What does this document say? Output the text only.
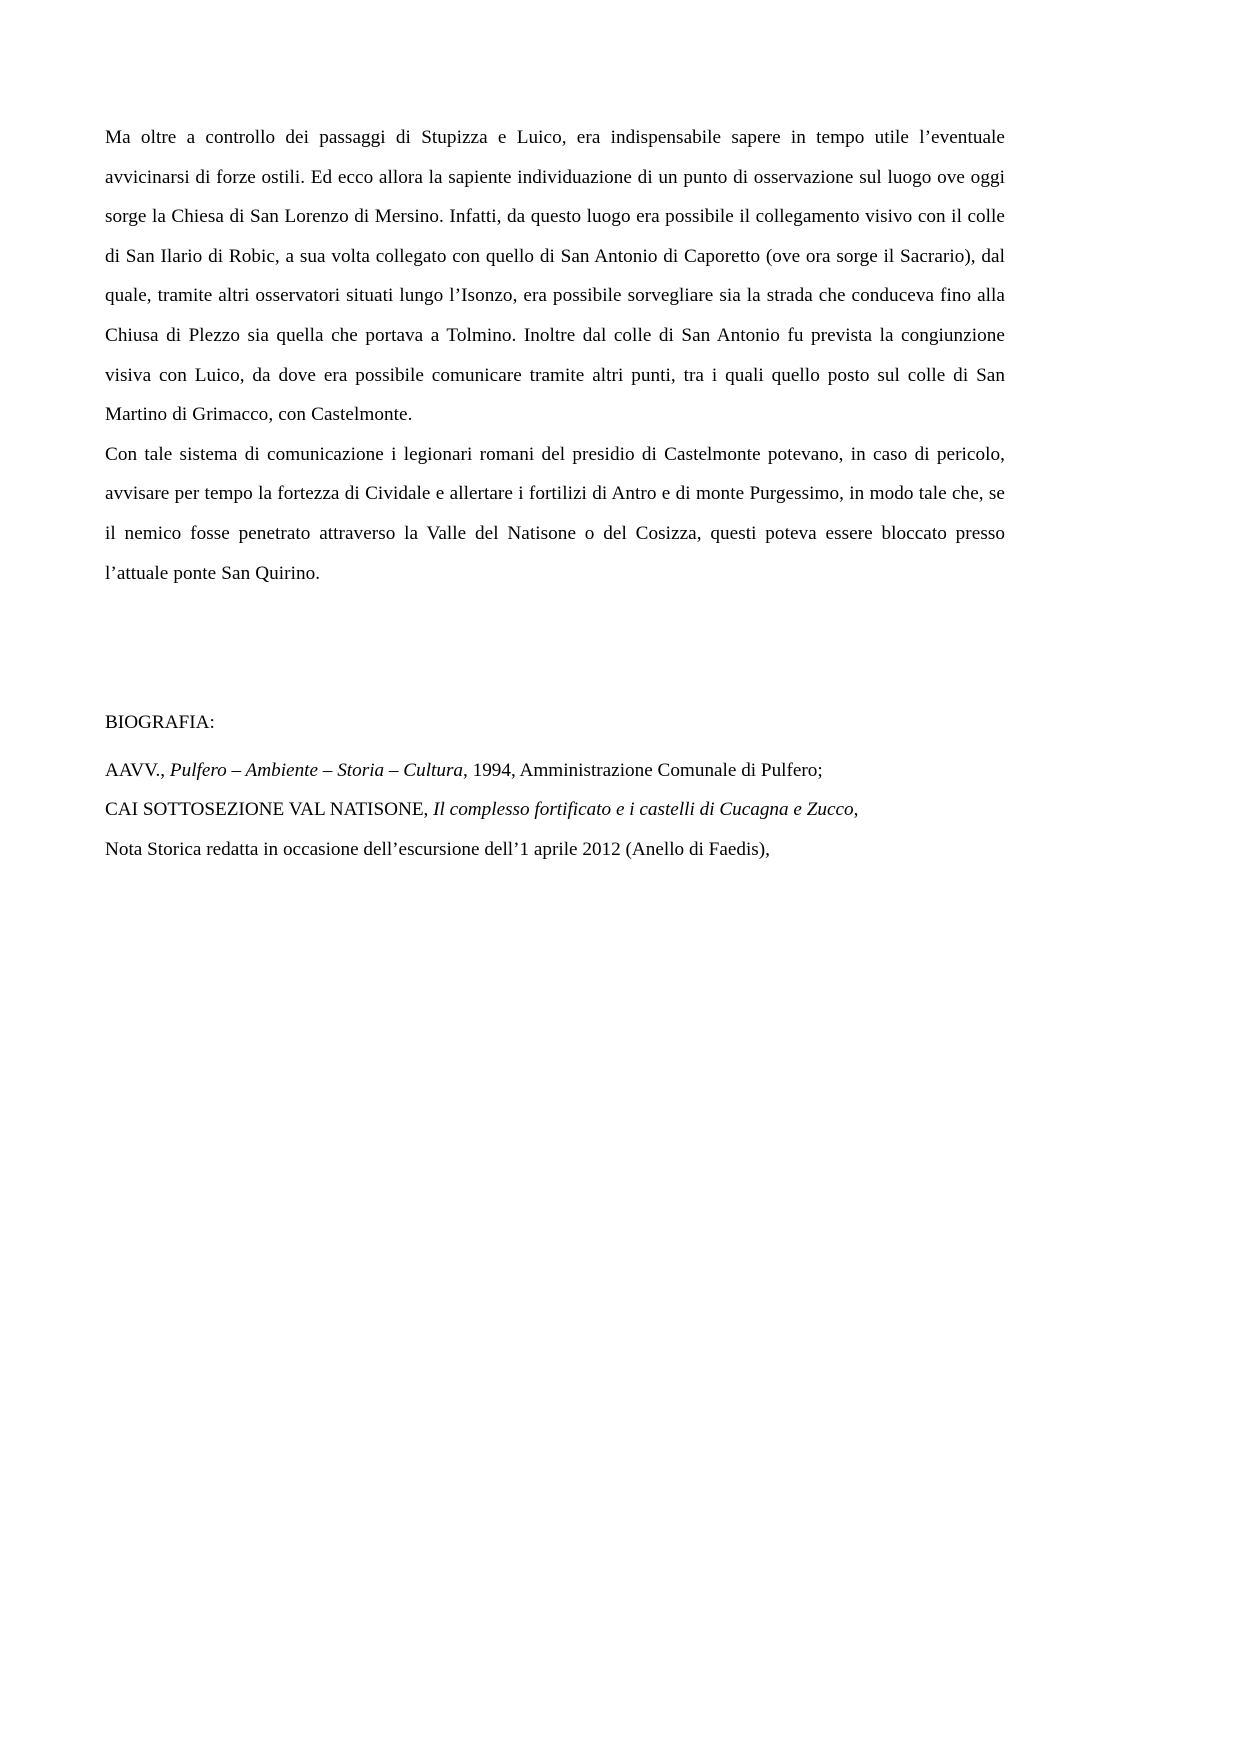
Ma oltre a controllo dei passaggi di Stupizza e Luico, era indispensabile sapere in tempo utile l’eventuale avvicinarsi di forze ostili. Ed ecco allora la sapiente individuazione di un punto di osservazione sul luogo ove oggi sorge la Chiesa di San Lorenzo di Mersino. Infatti, da questo luogo era possibile il collegamento visivo con il colle di San Ilario di Robic, a sua volta collegato con quello di San Antonio di Caporetto (ove ora sorge il Sacrario), dal quale, tramite altri osservatori situati lungo l’Isonzo, era possibile sorvegliare sia la strada che conduceva fino alla Chiusa di Plezzo sia quella che portava a Tolmino. Inoltre dal colle di San Antonio fu prevista la congiunzione visiva con Luico, da dove era possibile comunicare tramite altri punti, tra i quali quello posto sul colle di San Martino di Grimacco, con Castelmonte.

Con tale sistema di comunicazione i legionari romani del presidio di Castelmonte potevano, in caso di pericolo, avvisare per tempo la fortezza di Cividale e allertare i fortilizi di Antro e di monte Purgessimo, in modo tale che, se il nemico fosse penetrato attraverso la Valle del Natisone o del Cosizza, questi poteva essere bloccato presso l’attuale ponte San Quirino.

BIOGRAFIA:
AAVV., Pulfero – Ambiente – Storia – Cultura, 1994, Amministrazione Comunale di Pulfero;
CAI SOTTOSEZIONE VAL NATISONE, Il complesso fortificato e i castelli di Cucagna e Zucco,
Nota Storica redatta in occasione dell’escursione dell’1 aprile 2012 (Anello di Faedis),
